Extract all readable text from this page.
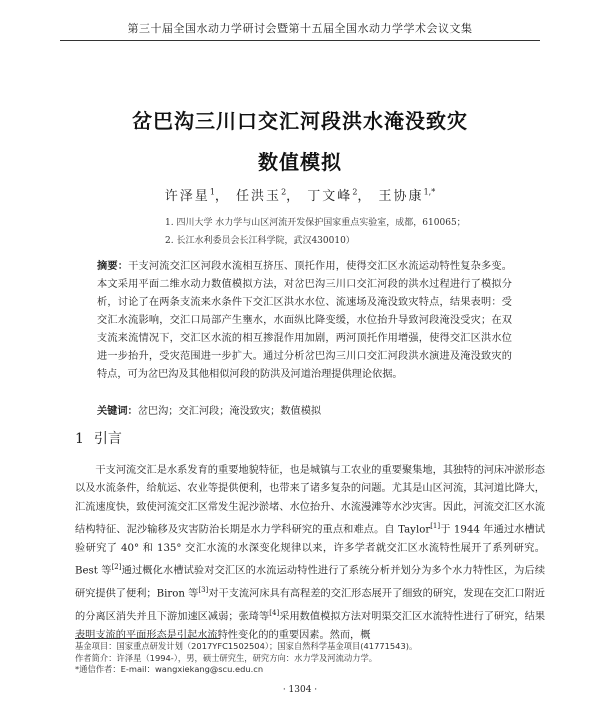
第三十届全国水动力学研讨会暨第十五届全国水动力学学术会议文集
岔巴沟三川口交汇河段洪水淹没致灾
数值模拟
许泽星$^1$， 任洪玉$^2$， 丁文峰$^2$， 王协康$^{1,*}$
1. 四川大学 水力学与山区河流开发保护国家重点实验室，成都，610065；
2. 长江水利委员会长江科学院，武汉430010）
摘要：干支河流交汇区河段水流相互挤压、顶托作用，使得交汇区水流运动特性复杂多变。本文采用平面二维水动力数值模拟方法，对岔巴沟三川口交汇河段的洪水过程进行了模拟分析，讨论了在两条支流来水条件下交汇区洪水水位、流速场及淹没致灾特点，结果表明：受交汇水流影响，交汇口局部产生壅水，水面纵比降变缓，水位抬升导致河段淹没受灾；在双支流来流情况下，交汇区水流的相互掺混作用加剧，两河顶托作用增强，使得交汇区洪水位进一步抬升，受灾范围进一步扩大。通过分析岔巴沟三川口交汇河段洪水演进及淹没致灾的特点，可为岔巴沟及其他相似河段的防洪及河道治理提供理论依据。
关键词：岔巴沟；交汇河段；淹没致灾；数值模拟
1 引言
干支河流交汇是水系发育的重要地貌特征，也是城镇与工农业的重要聚集地，其独特的河床冲淤形态以及水流条件，给航运、农业等提供便利，也带来了诸多复杂的问题。尤其是山区河流，其河道比降大，汇流速度快，致使河流交汇区常发生泥沙淤堵、水位抬升、水流漫滩等水沙灾害。因此，河流交汇区水流结构特征、泥沙输移及灾害防治长期是水力学科研究的重点和难点。自 Taylor[1]于 1944 年通过水槽试验研究了 40° 和 135° 交汇水流的水深变化规律以来，许多学者就交汇区水流特性展开了系列研究。Best 等[2]通过概化水槽试验对交汇区的水流运动特性进行了系统分析并划分为多个水力特性区，为后续研究提供了便利；Biron 等[3]对干支流河床具有高程差的交汇形态展开了细致的研究，发现在交汇口附近的分离区消失并且下游加速区减弱；张琦等[4]采用数值模拟方法对明渠交汇区水流特性进行了研究，结果表明支流的平面形态是引起水流特性变化的的重要因素。然而，概
基金项目：国家重点研发计划（2017YFC1502504）；国家自然科学基金项目(41771543)。
作者简介：许泽星（1994-），男，硕士研究生，研究方向：水力学及河流动力学。
*通信作者：E-mail：wangxiekang@scu.edu.cn
· 1304 ·
